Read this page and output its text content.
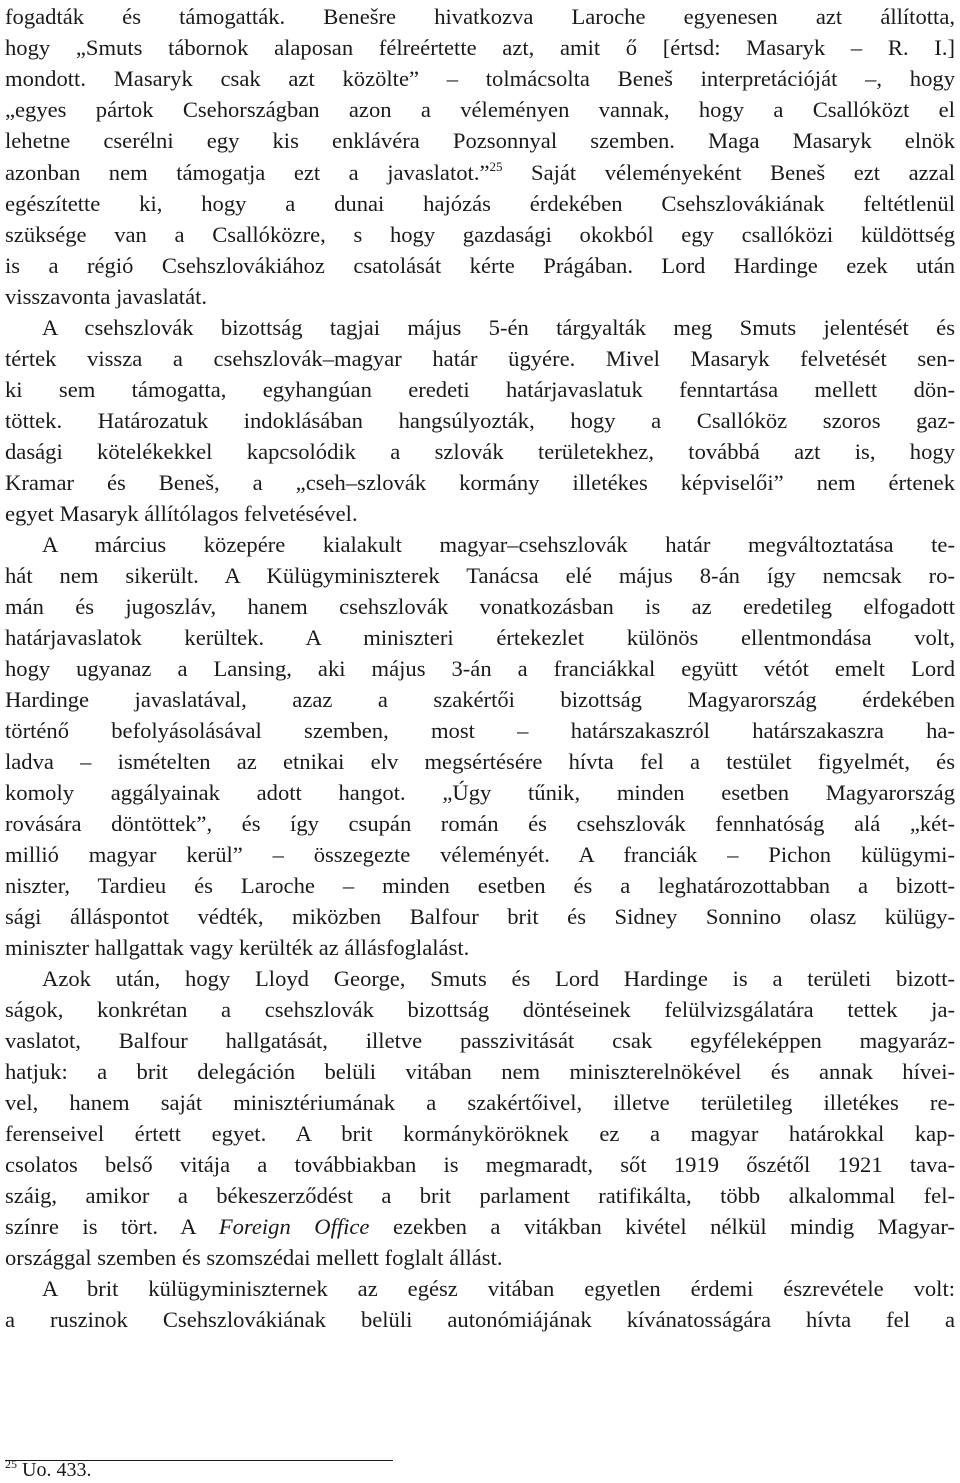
fogadták és támogatták. Benešre hivatkozva Laroche egyenesen azt állította,
hogy „Smuts tábornok alaposan félreértette azt, amit ő [értsd: Masaryk – R. I.]
mondott. Masaryk csak azt közölte” – tolmácsolta Beneš interpretációját –, hogy
„egyes pártok Csehországban azon a véleményen vannak, hogy a Csallóközt el
lehetne cserélni egy kis enklávéra Pozsonnyal szemben. Maga Masaryk elnök
azonban nem támogatja ezt a javaslatot.”$^{25}$ Saját véleményeként Beneš ezt azzal
egészítette ki, hogy a dunai hajózás érdekében Csehszlovákiának feltétlenül
szüksége van a Csallóközre, s hogy gazdasági okokból egy csallóközi küldöttség
is a régió Csehszlovákiához csatolását kérte Prágában. Lord Hardinge ezek után
visszavonta javaslatát.
A csehszlovák bizottság tagjai május 5-én tárgyalták meg Smuts jelentését és
tértek vissza a csehszlovák–magyar határ ügyére. Mivel Masaryk felvetését sen-
ki sem támogatta, egyhangúan eredeti határjavaslatuk fenntartása mellett dön-
töttek. Határozatuk indoklásában hangsúlyozták, hogy a Csallóköz szoros gaz-
dasági kötelékekkel kapcsolódik a szlovák területekhez, továbbá azt is, hogy
Kramar és Beneš, a „cseh–szlovák kormány illetékes képviselői” nem értenek
egyet Masaryk állítólagos felvetésével.
A március közepére kialakult magyar–csehszlovák határ megváltoztatása te-
hát nem sikerült. A Külügyminiszterek Tanácsa elé május 8-án így nemcsak ro-
mán és jugoszláv, hanem csehszlovák vonatkozásban is az eredetileg elfogadott
határjavaslatok kerültek. A miniszteri értekezlet különös ellentmondása volt,
hogy ugyanaz a Lansing, aki május 3-án a franciákkal együtt vétót emelt Lord
Hardinge javaslatával, azaz a szakértői bizottság Magyarország érdekében
történő befolyásolásával szemben, most – határszakaszról határszakaszra ha-
ladva – ismételten az etnikai elv megsértésére hívta fel a testület figyelmét, és
komoly aggályainak adott hangot. „Úgy tűnik, minden esetben Magyarország
rovására döntöttek”, és így csupán román és csehszlovák fennhatóság alá „két-
millió magyar kerül” – összegezte véleményét. A franciák – Pichon külügymi-
niszter, Tardieu és Laroche – minden esetben és a leghatározottabban a bizott-
sági álláspontot védték, miközben Balfour brit és Sidney Sonnino olasz külügy-
miniszter hallgattak vagy kerülték az állásfoglalást.
Azok után, hogy Lloyd George, Smuts és Lord Hardinge is a területi bizott-
ságok, konkrétan a csehszlovák bizottság döntéseinek felülvizsgálatára tettek ja-
vaslatot, Balfour hallgatását, illetve passzivitását csak egyféleképpen magyaráz-
hatjuk: a brit delegáción belüli vitában nem miniszterelnökével és annak hívei-
vel, hanem saját minisztériumának a szakértőivel, illetve területileg illetékes re-
ferenseivel értett egyet. A brit kormányköröknek ez a magyar határokkal kap-
csolatos belső vitája a továbbiakban is megmaradt, sőt 1919 őszétől 1921 tava-
száig, amikor a békeszerződést a brit parlament ratifikálta, több alkalommal fel-
színre is tört. A Foreign Office ezekben a vitákban kivétel nélkül mindig Magyar-
országgal szemben és szomszédai mellett foglalt állást.
A brit külügyminiszternek az egész vitában egyetlen érdemi észrevétele volt:
a ruszinok Csehszlovákiának belüli autonómiájának kívánatosságára hívta fel a
$^{25}$ Uo. 433.
